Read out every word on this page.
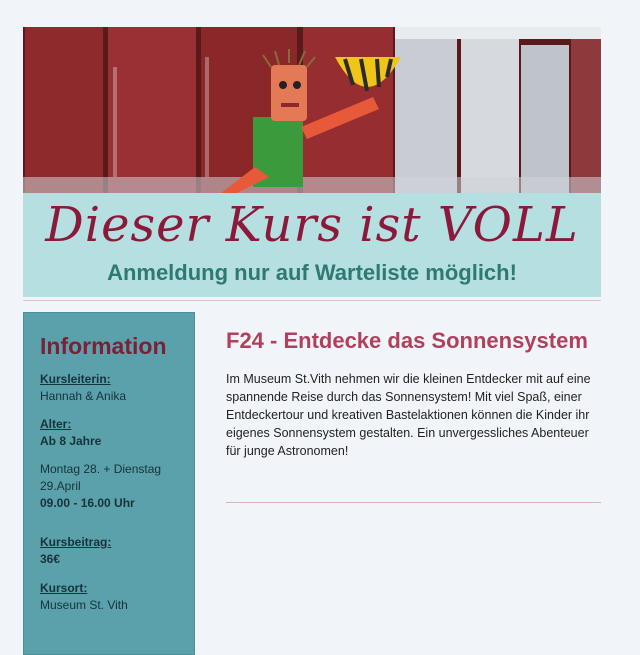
Dieser Kurs ist VOLL
Anmeldung nur auf Warteliste möglich!
Information
Kursleiterin:
Hannah & Anika
Alter:
Ab 8 Jahre
Montag 28. + Dienstag 29.April
09.00 - 16.00 Uhr
Kursbeitrag:
36€
Kursort:
Museum St. Vith
F24 - Entdecke das Sonnensystem
Im Museum St.Vith nehmen wir die kleinen Entdecker mit auf eine spannende Reise durch das Sonnensystem! Mit viel Spaß, einer Entdeckertour und kreativen Bastelaktionen können die Kinder ihr eigenes Sonnensystem gestalten. Ein unvergessliches Abenteuer für junge Astronomen!
